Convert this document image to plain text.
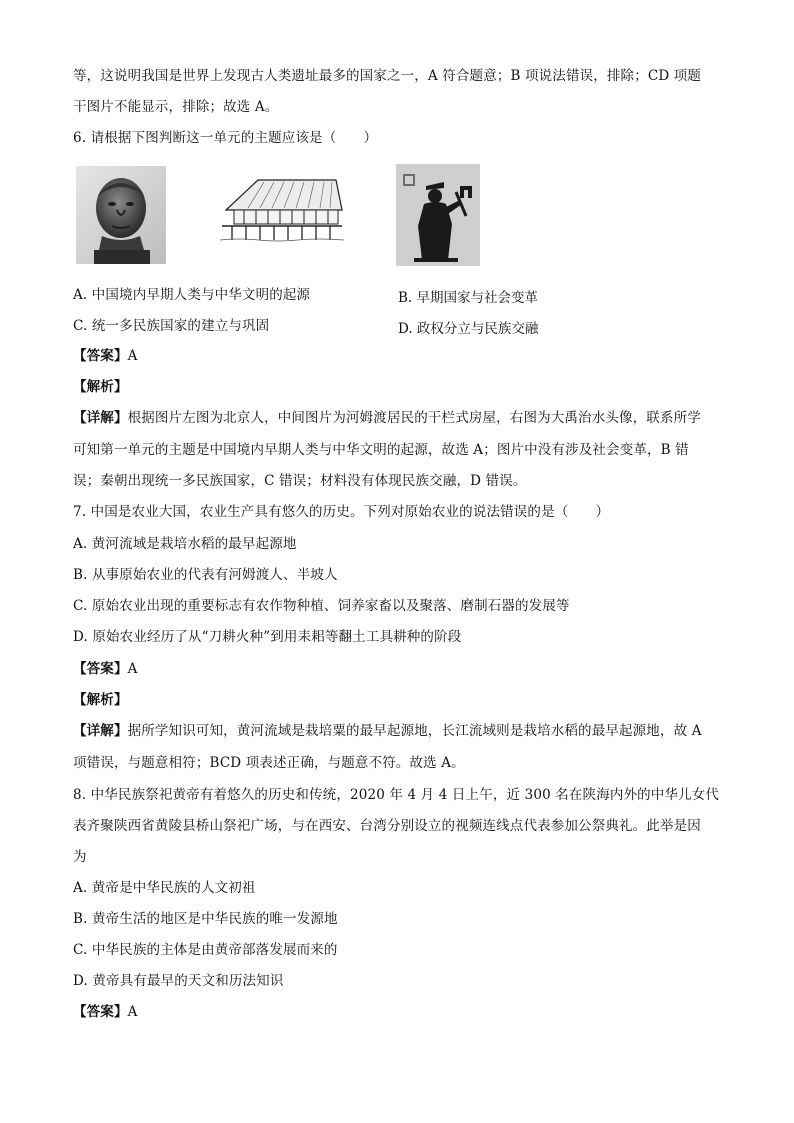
等，这说明我国是世界上发现古人类遗址最多的国家之一，A 符合题意；B 项说法错误，排除；CD 项题
干图片不能显示，排除；故选 A。
6. 请根据下图判断这一单元的主题应该是（　　）
A. 中国境内早期人类与中华文明的起源	B. 早期国家与社会变革
C. 统一多民族国家的建立与巩固	D. 政权分立与民族交融
【答案】A
【解析】
【详解】根据图片左图为北京人，中间图片为河姆渡居民的干栏式房屋，右图为大禹治水头像，联系所学
可知第一单元的主题是中国境内早期人类与中华文明的起源，故选 A；图片中没有涉及社会变革，B 错
误；秦朝出现统一多民族国家，C 错误；材料没有体现民族交融，D 错误。
7. 中国是农业大国，农业生产具有悠久的历史。下列对原始农业的说法错误的是（　　）
A. 黄河流域是栽培水稻的最早起源地
B. 从事原始农业的代表有河姆渡人、半坡人
C. 原始农业出现的重要标志有农作物种植、饲养家畜以及聚落、磨制石器的发展等
D. 原始农业经历了从“刀耕火种”到用耒耜等翻土工具耕种的阶段
【答案】A
【解析】
【详解】据所学知识可知，黄河流域是栽培粟的最早起源地，长江流域则是栽培水稻的最早起源地，故 A
项错误，与题意相符；BCD 项表述正确，与题意不符。故选 A。
8. 中华民族祭祀黄帝有着悠久的历史和传统，2020 年 4 月 4 日上午，近 300 名在陕海内外的中华儿女代
表齐聚陕西省黄陵县桥山祭祀广场，与在西安、台湾分别设立的视频连线点代表参加公祭典礼。此举是因
为
A. 黄帝是中华民族的人文初祖
B. 黄帝生活的地区是中华民族的唯一发源地
C. 中华民族的主体是由黄帝部落发展而来的
D. 黄帝具有最早的天文和历法知识
【答案】A
